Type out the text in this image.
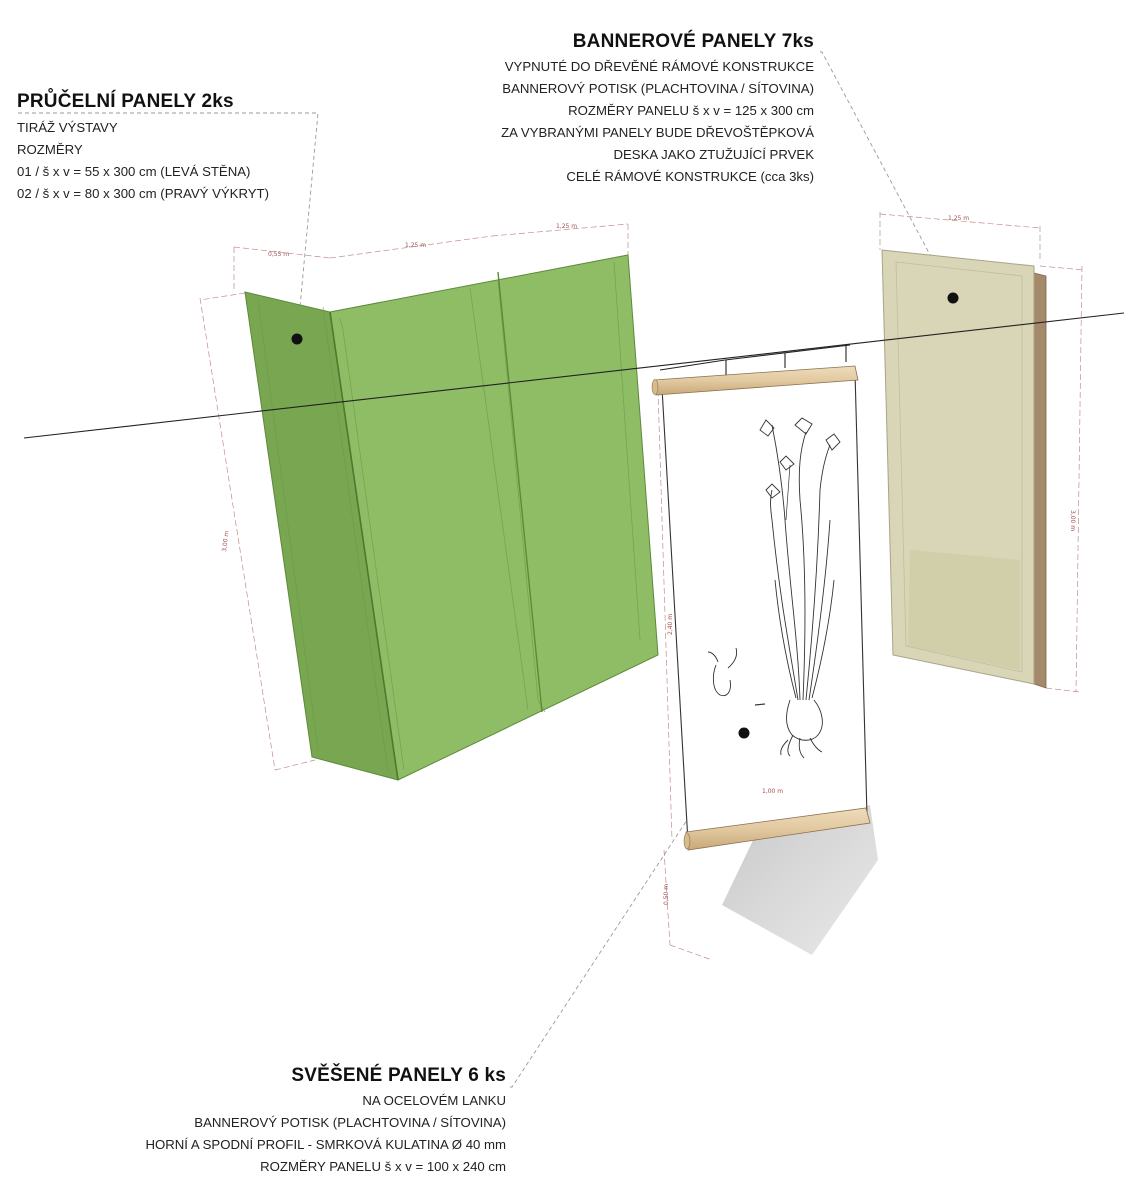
0,55 m
1,25 m
1,25 m
3,00 m
1,25 m
3,00 m
2,40 m
1,00 m
0,50 m
PRŮČELNÍ PANELY 2ks
TIRÁŽ VÝSTAVY
ROZMĚRY
01 / š x v = 55 x 300 cm (LEVÁ STĚNA)
02 / š x v = 80 x 300 cm (PRAVÝ VÝKRYT)
BANNEROVÉ PANELY 7ks
VYPNUTÉ DO DŘEVĚNÉ RÁMOVÉ KONSTRUKCE
BANNEROVÝ POTISK (PLACHTOVINA / SÍTOVINA)
ROZMĚRY PANELU š x v = 125 x 300 cm
ZA VYBRANÝMI PANELY BUDE DŘEVOŠTĚPKOVÁ
DESKA JAKO ZTUŽUJÍCÍ PRVEK
CELÉ RÁMOVÉ KONSTRUKCE (cca 3ks)
SVĚŠENÉ PANELY 6 ks
NA OCELOVÉM LANKU
BANNEROVÝ POTISK (PLACHTOVINA / SÍTOVINA)
HORNÍ A SPODNÍ PROFIL - SMRKOVÁ KULATINA Ø 40 mm
ROZMĚRY PANELU š x v = 100 x 240 cm
